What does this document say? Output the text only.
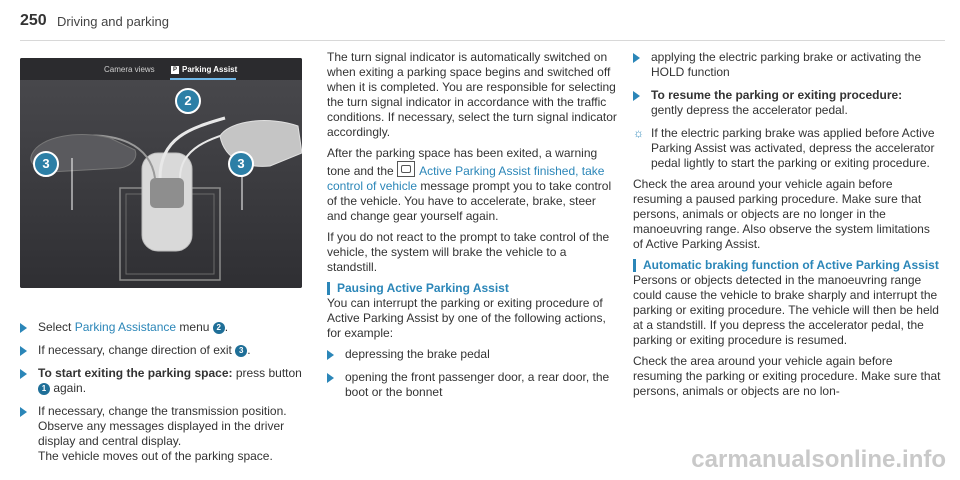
250 Driving and parking
Camera views	P Parking Assist
2
3	3
Select Parking Assistance menu 2 .
If necessary, change direction of exit 3 .
To start exiting the parking space: press button 1 again.
If necessary, change the transmission position. Observe any messages displayed in the driver display and central display.
The vehicle moves out of the parking space.

The turn signal indicator is automatically switched on when exiting a parking space begins and switched off when it is completed. You are responsible for selecting the turn signal indicator in accordance with the traffic conditions. If necessary, select the turn signal indicator accordingly.

After the parking space has been exited, a warning tone and the Active Parking Assist finished, take control of vehicle message prompt you to take control of the vehicle. You have to accelerate, brake, steer and change gear yourself again.

If you do not react to the prompt to take control of the vehicle, the system will brake the vehicle to a standstill.

Pausing Active Parking Assist

You can interrupt the parking or exiting procedure of Active Parking Assist by one of the following actions, for example:

depressing the brake pedal
opening the front passenger door, a rear door, the boot or the bonnet
applying the electric parking brake or activating the HOLD function
To resume the parking or exiting procedure:
gently depress the accelerator pedal.

☼ If the electric parking brake was applied before Active Parking Assist was activated, depress the accelerator pedal lightly to start the parking or exiting procedure.

Check the area around your vehicle again before resuming a paused parking procedure. Make sure that persons, animals or objects are no longer in the manoeuvring range. Also observe the system limitations of Active Parking Assist.

Automatic braking function of Active Parking Assist

Persons or objects detected in the manoeuvring range could cause the vehicle to brake sharply and interrupt the parking or exiting procedure. The vehicle will then be held at a standstill. If you depress the accelerator pedal, the parking or exiting procedure is resumed.

Check the area around your vehicle again before resuming the parking or exiting procedure. Make sure that persons, animals or objects are no lon-

carmanualsonline.info
